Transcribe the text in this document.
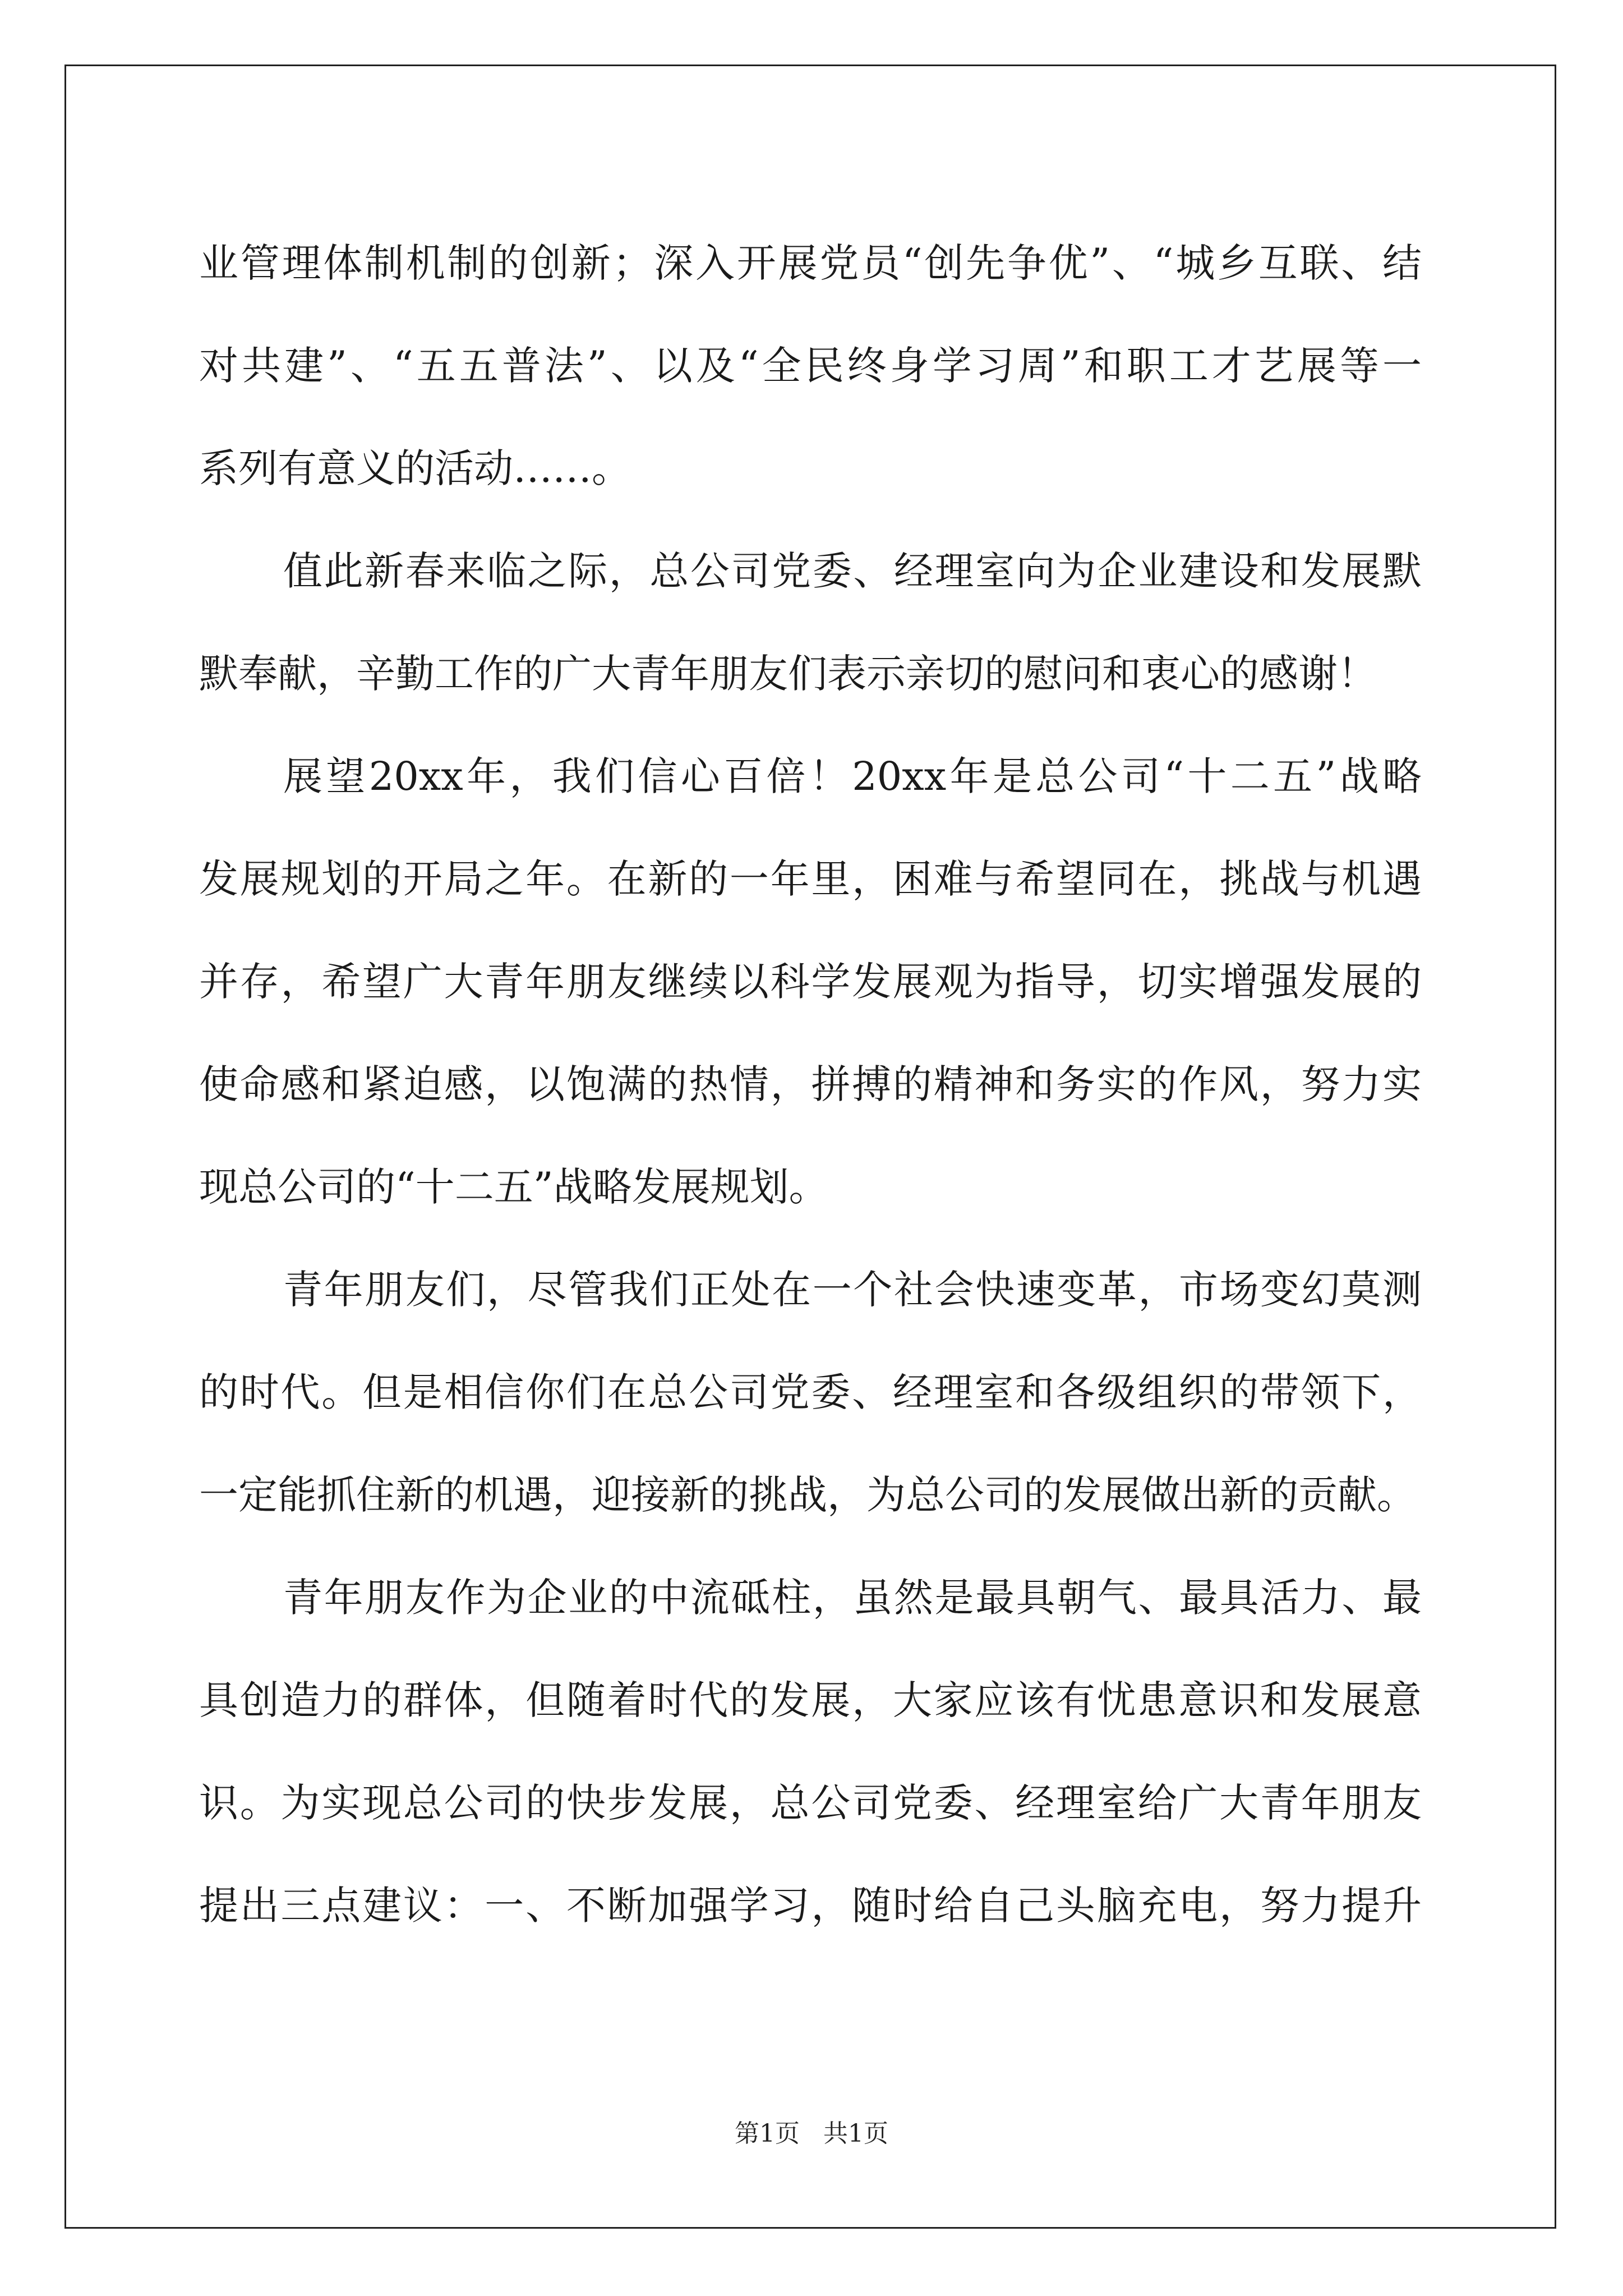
业管理体制机制的创新；深入开展党员“创先争优”、“城乡互联、结
对共建”、“五五普法”、以及“全民终身学习周”和职工才艺展等一
系列有意义的活动……。
值此新春来临之际，总公司党委、经理室向为企业建设和发展默
默奉献，辛勤工作的广大青年朋友们表示亲切的慰问和衷心的感谢！
展望20xx年，我们信心百倍！20xx年是总公司“十二五”战略
发展规划的开局之年。在新的一年里，困难与希望同在，挑战与机遇
并存，希望广大青年朋友继续以科学发展观为指导，切实增强发展的
使命感和紧迫感，以饱满的热情，拼搏的精神和务实的作风，努力实
现总公司的“十二五”战略发展规划。
青年朋友们，尽管我们正处在一个社会快速变革，市场变幻莫测
的时代。但是相信你们在总公司党委、经理室和各级组织的带领下，
一定能抓住新的机遇，迎接新的挑战，为总公司的发展做出新的贡献。
青年朋友作为企业的中流砥柱，虽然是最具朝气、最具活力、最
具创造力的群体，但随着时代的发展，大家应该有忧患意识和发展意
识。为实现总公司的快步发展，总公司党委、经理室给广大青年朋友
提出三点建议：一、不断加强学习，随时给自己头脑充电，努力提升
第1页 共1页
